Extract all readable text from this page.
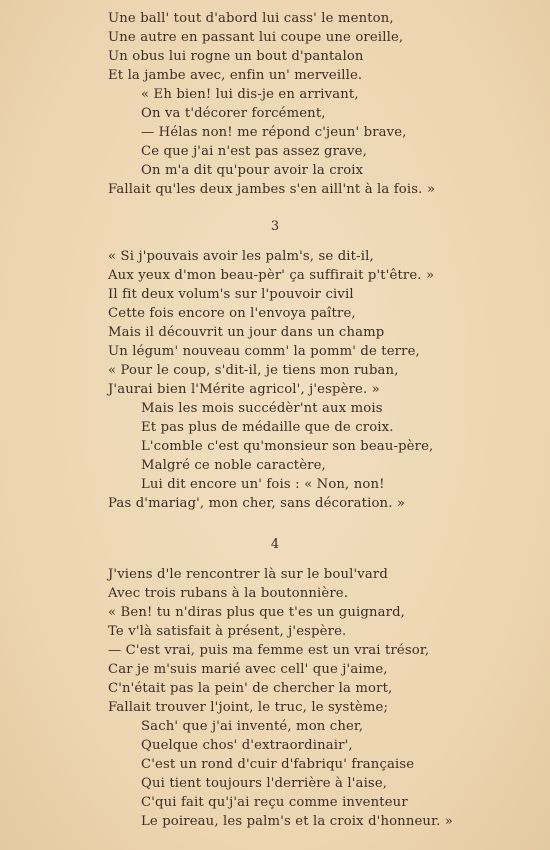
Une ball' tout d'abord lui cass' le menton,
Une autre en passant lui coupe une oreille,
Un obus lui rogne un bout d'pantalon
Et la jambe avec, enfin un' merveille.
« Eh bien! lui dis-je en arrivant,
On va t'décorer forcément,
— Hélas non! me répond c'jeun' brave,
Ce que j'ai n'est pas assez grave,
On m'a dit qu'pour avoir la croix
Fallait qu'les deux jambes s'en aill'nt à la fois. »
3
« Si j'pouvais avoir les palm's, se dit-il,
Aux yeux d'mon beau-pèr' ça suffirait p't'être. »
Il fit deux volum's sur l'pouvoir civil
Cette fois encore on l'envoya paître,
Mais il découvrit un jour dans un champ
Un légum' nouveau comm' la pomm' de terre,
« Pour le coup, s'dit-il, je tiens mon ruban,
J'aurai bien l'Mérite agricol', j'espère. »
Mais les mois succédèr'nt aux mois
Et pas plus de médaille que de croix.
L'comble c'est qu'monsieur son beau-père,
Malgré ce noble caractère,
Lui dit encore un' fois : « Non, non!
Pas d'mariag', mon cher, sans décoration. »
4
J'viens d'le rencontrer là sur le boul'vard
Avec trois rubans à la boutonnière.
« Ben! tu n'diras plus que t'es un guignard,
Te v'là satisfait à présent, j'espère.
— C'est vrai, puis ma femme est un vrai trésor,
Car je m'suis marié avec cell' que j'aime,
C'n'était pas la pein' de chercher la mort,
Fallait trouver l'joint, le truc, le système;
Sach' que j'ai inventé, mon cher,
Quelque chos' d'extraordinair',
C'est un rond d'cuir d'fabriqu' française
Qui tient toujours l'derrière à l'aise,
C'qui fait qu'j'ai reçu comme inventeur
Le poireau, les palm's et la croix d'honneur. »
